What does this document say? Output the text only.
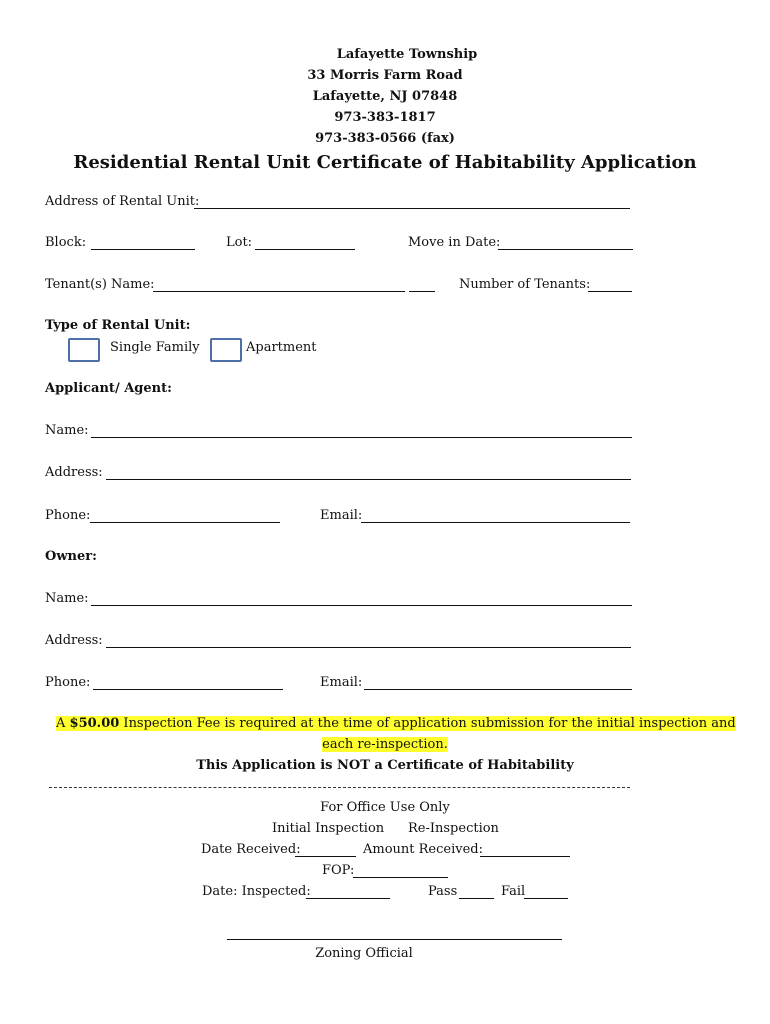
Lafayette Township
33 Morris Farm Road
Lafayette, NJ 07848
973-383-1817
973-383-0566 (fax)
Residential Rental Unit Certificate of Habitability Application
Address of Rental Unit:
Block:	Lot:	Move in Date:
Tenant(s) Name:	Number of Tenants:
Type of Rental Unit:
Single Family	Apartment
Applicant/ Agent:
Name:
Address:
Phone:	Email:
Owner:
Name:
Address:
Phone:	Email:
A $50.00 Inspection Fee is required at the time of application submission for the initial inspection and
each re-inspection.
This Application is NOT a Certificate of Habitability
For Office Use Only
Initial Inspection Re-Inspection
Date Received:	Amount Received:
FOP:
Date: Inspected:	Pass	Fail
Zoning Official
